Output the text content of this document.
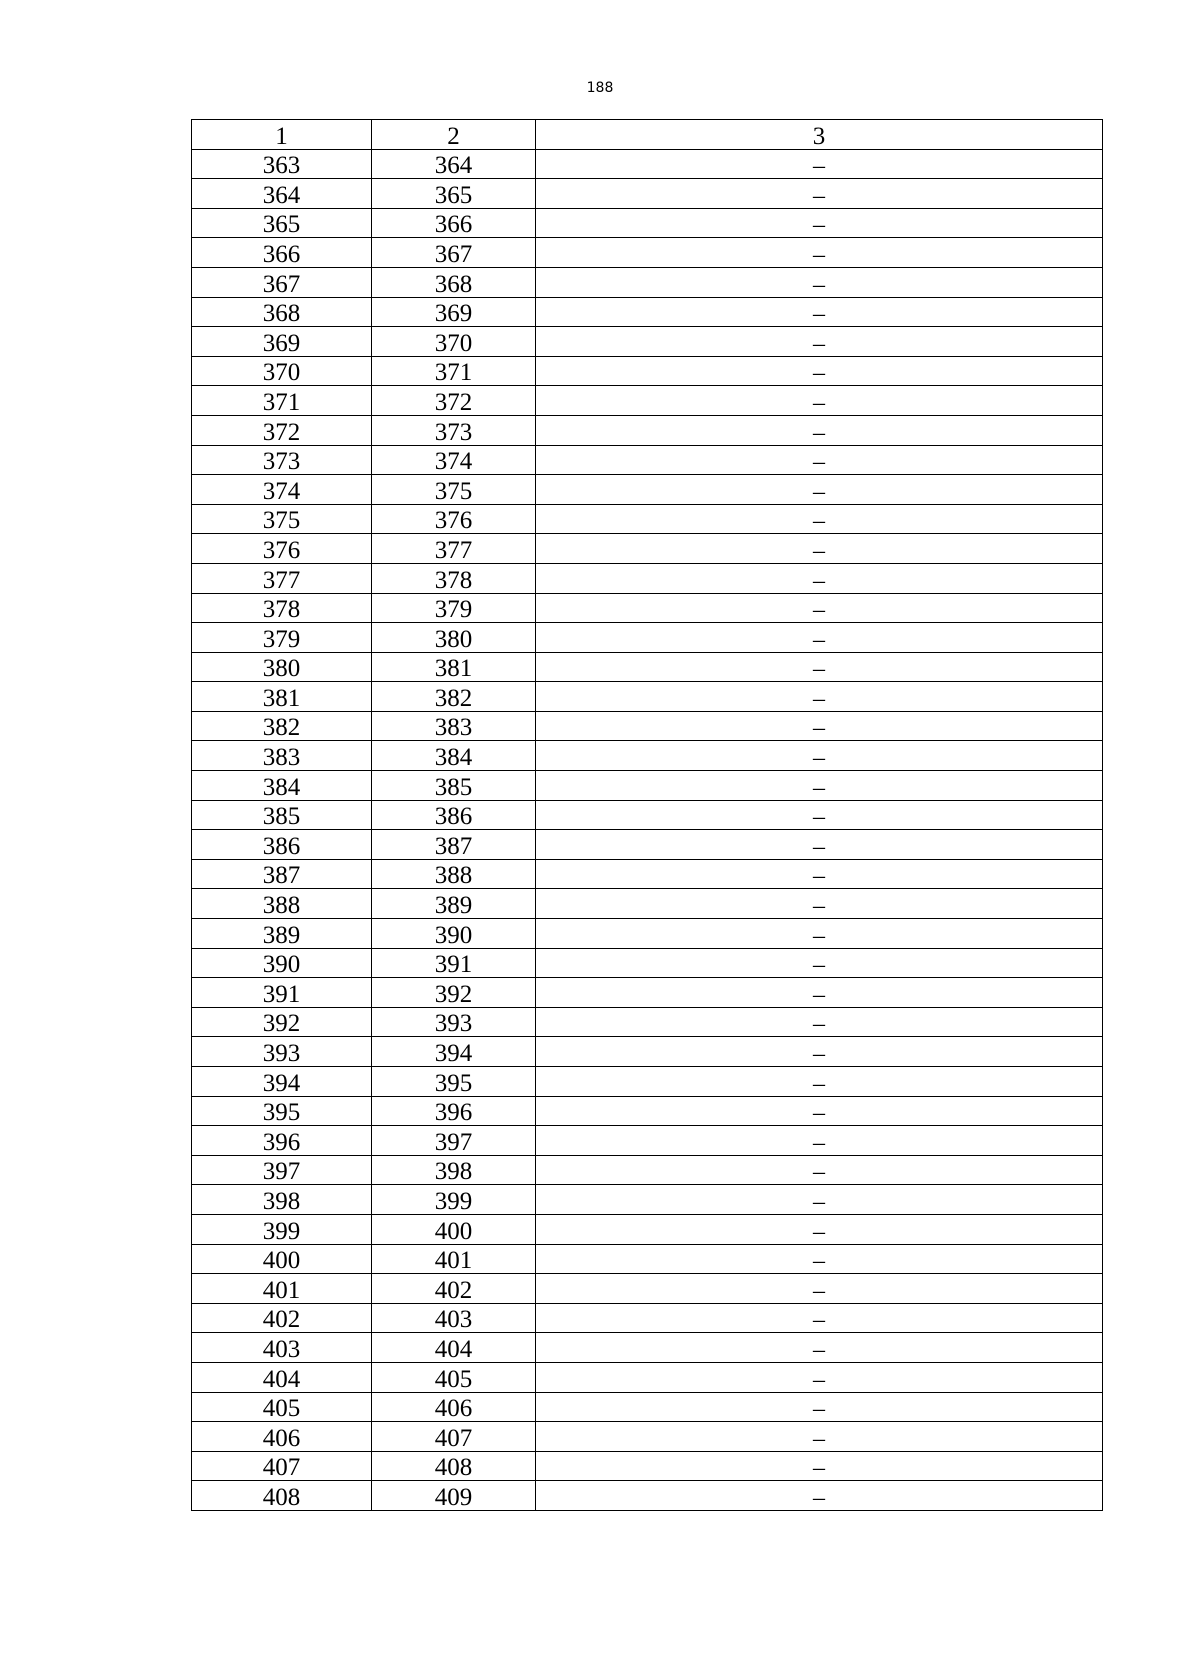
188
1	2	3
363	364	–
364	365	–
365	366	–
366	367	–
367	368	–
368	369	–
369	370	–
370	371	–
371	372	–
372	373	–
373	374	–
374	375	–
375	376	–
376	377	–
377	378	–
378	379	–
379	380	–
380	381	–
381	382	–
382	383	–
383	384	–
384	385	–
385	386	–
386	387	–
387	388	–
388	389	–
389	390	–
390	391	–
391	392	–
392	393	–
393	394	–
394	395	–
395	396	–
396	397	–
397	398	–
398	399	–
399	400	–
400	401	–
401	402	–
402	403	–
403	404	–
404	405	–
405	406	–
406	407	–
407	408	–
408	409	–
